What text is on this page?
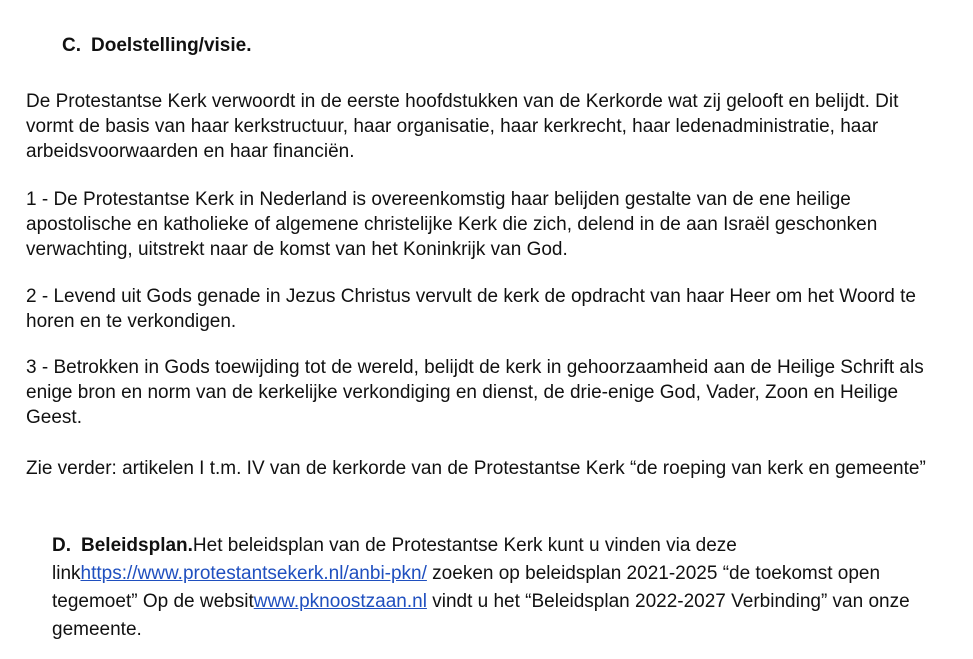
C. Doelstelling/visie.
De Protestantse Kerk verwoordt in de eerste hoofdstukken van de Kerkorde wat zij gelooft en belijdt. Dit vormt de basis van haar kerkstructuur, haar organisatie, haar kerkrecht, haar ledenadministratie, haar arbeidsvoorwaarden en haar financiën.
1 - De Protestantse Kerk in Nederland is overeenkomstig haar belijden gestalte van de ene heilige apostolische en katholieke of algemene christelijke Kerk die zich, delend in de aan Israël geschonken verwachting, uitstrekt naar de komst van het Koninkrijk van God.
2 - Levend uit Gods genade in Jezus Christus vervult de kerk de opdracht van haar Heer om het Woord te horen en te verkondigen.
3 - Betrokken in Gods toewijding tot de wereld, belijdt de kerk in gehoorzaamheid aan de Heilige Schrift als enige bron en norm van de kerkelijke verkondiging en dienst, de drie-enige God, Vader, Zoon en Heilige Geest.
Zie verder: artikelen I t.m. IV van de kerkorde van de Protestantse Kerk “de roeping van kerk en gemeente”
D. Beleidsplan.Het beleidsplan van de Protestantse Kerk kunt u vinden via deze linkhttps://www.protestantsekerk.nl/anbi-pkn/ zoeken op beleidsplan 2021-2025 “de toekomst open tegemoet” Op de websitwww.pknoostzaan.nl vindt u het “Beleidsplan 2022-2027 Verbinding” van onze gemeente.
